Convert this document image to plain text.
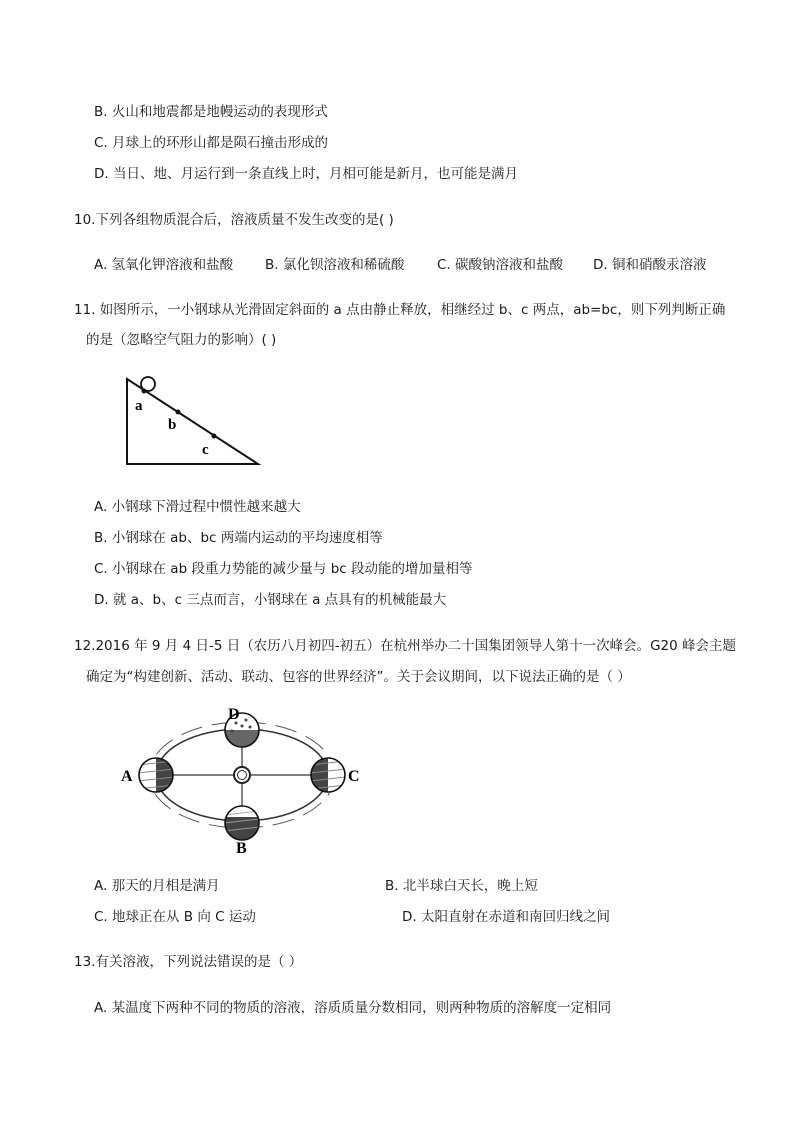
B. 火山和地震都是地幔运动的表现形式
C. 月球上的环形山都是陨石撞击形成的
D. 当日、地、月运行到一条直线上时，月相可能是新月，也可能是满月
10.下列各组物质混合后，溶液质量不发生改变的是( )
A. 氢氧化钾溶液和盐酸 B. 氯化钡溶液和稀硫酸 C. 碳酸钠溶液和盐酸 D. 铜和硝酸汞溶液
11. 如图所示，一小钢球从光滑固定斜面的 a 点由静止释放，相继经过 b、c 两点，ab=bc，则下列判断正确
的是（忽略空气阻力的影响）( )
a
b
c
A. 小钢球下滑过程中惯性越来越大
B. 小钢球在 ab、bc 两端内运动的平均速度相等
C. 小钢球在 ab 段重力势能的减少量与 bc 段动能的增加量相等
D. 就 a、b、c 三点而言，小钢球在 a 点具有的机械能最大
12.2016 年 9 月 4 日-5 日（农历八月初四-初五）在杭州举办二十国集团领导人第十一次峰会。G20 峰会主题
确定为“构建创新、活动、联动、包容的世界经济”。关于会议期间，以下说法正确的是（ ）
A
B
C
D
A. 那天的月相是满月	B. 北半球白天长，晚上短
C. 地球正在从 B 向 C 运动	D. 太阳直射在赤道和南回归线之间
13.有关溶液，下列说法错误的是（ ）
A. 某温度下两种不同的物质的溶液，溶质质量分数相同，则两种物质的溶解度一定相同
